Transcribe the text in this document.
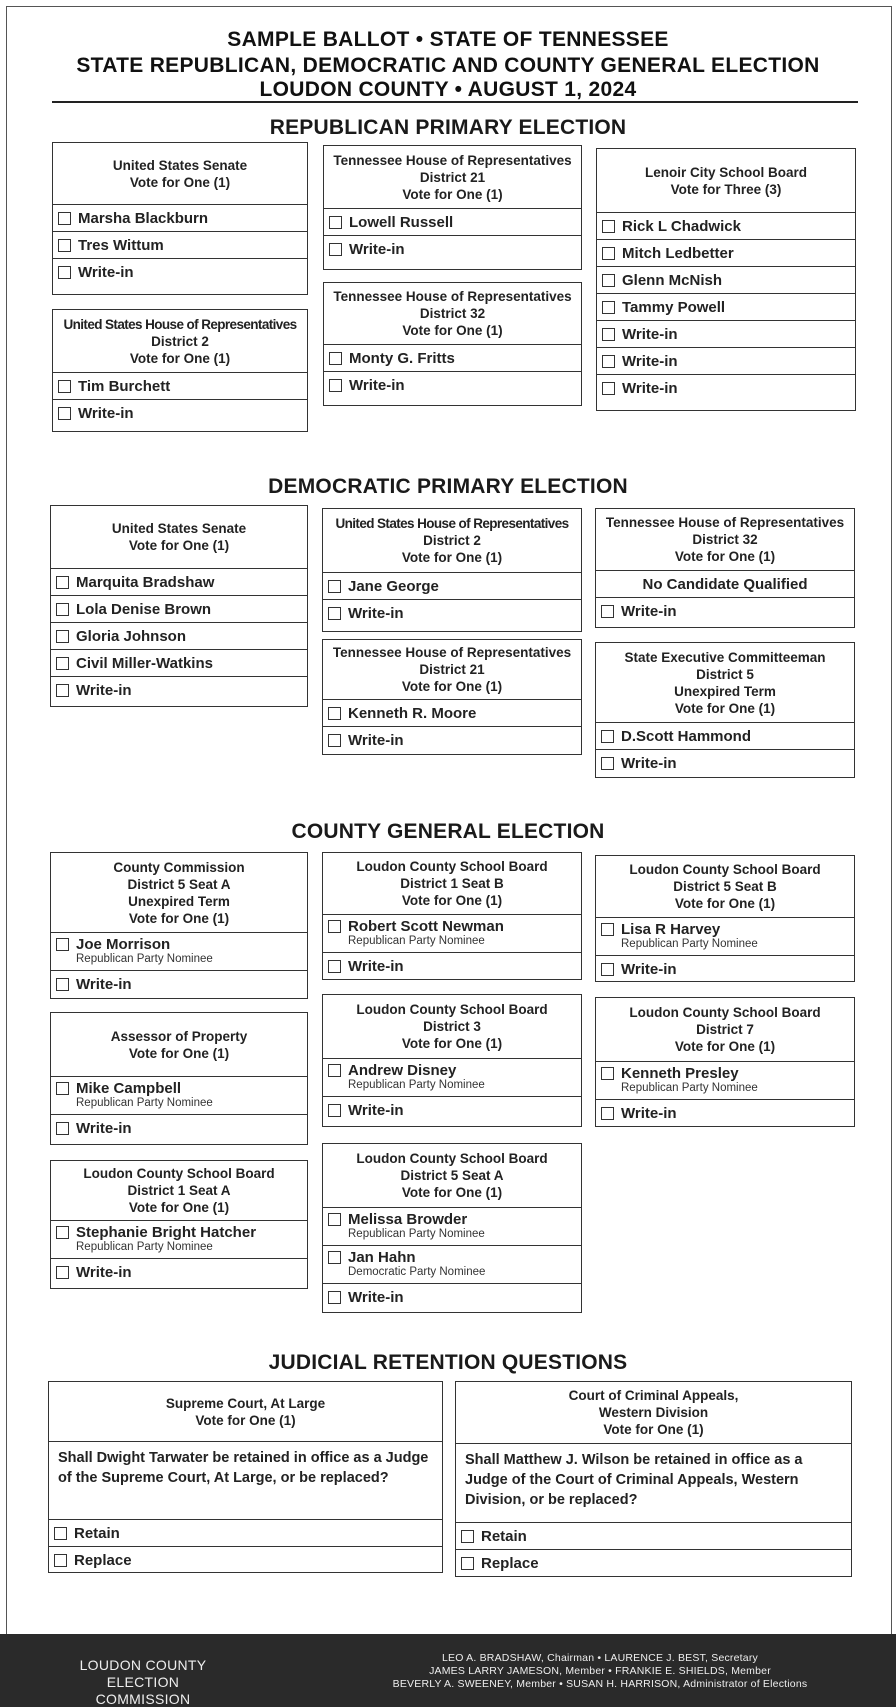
SAMPLE BALLOT • STATE OF TENNESSEE
STATE REPUBLICAN, DEMOCRATIC AND COUNTY GENERAL ELECTION
LOUDON COUNTY • AUGUST 1, 2024
REPUBLICAN PRIMARY ELECTION
United States Senate
Vote for One (1)
Marsha Blackburn
Tres Wittum
Write-in
United States House of Representatives
District 2
Vote for One (1)
Tim Burchett
Write-in
Tennessee House of Representatives
District 21
Vote for One (1)
Lowell Russell
Write-in
Tennessee House of Representatives
District 32
Vote for One (1)
Monty G. Fritts
Write-in
Lenoir City School Board
Vote for Three (3)
Rick L Chadwick
Mitch Ledbetter
Glenn McNish
Tammy Powell
Write-in
Write-in
Write-in
DEMOCRATIC PRIMARY ELECTION
United States Senate
Vote for One (1)
Marquita Bradshaw
Lola Denise Brown
Gloria Johnson
Civil Miller-Watkins
Write-in
United States House of Representatives
District 2
Vote for One (1)
Jane George
Write-in
Tennessee House of Representatives
District 21
Vote for One (1)
Kenneth R. Moore
Write-in
Tennessee House of Representatives
District 32
Vote for One (1)
No Candidate Qualified
Write-in
State Executive Committeeman
District 5
Unexpired Term
Vote for One (1)
D.Scott Hammond
Write-in
COUNTY GENERAL ELECTION
County Commission
District 5 Seat A
Unexpired Term
Vote for One (1)
Joe Morrison
Republican Party Nominee
Write-in
Assessor of Property
Vote for One (1)
Mike Campbell
Republican Party Nominee
Write-in
Loudon County School Board
District 1 Seat A
Vote for One (1)
Stephanie Bright Hatcher
Republican Party Nominee
Write-in
Loudon County School Board
District 1 Seat B
Vote for One (1)
Robert Scott Newman
Republican Party Nominee
Write-in
Loudon County School Board
District 3
Vote for One (1)
Andrew Disney
Republican Party Nominee
Write-in
Loudon County School Board
District 5 Seat A
Vote for One (1)
Melissa Browder
Republican Party Nominee
Jan Hahn
Democratic Party Nominee
Write-in
Loudon County School Board
District 5 Seat B
Vote for One (1)
Lisa R Harvey
Republican Party Nominee
Write-in
Loudon County School Board
District 7
Vote for One (1)
Kenneth Presley
Republican Party Nominee
Write-in
JUDICIAL RETENTION QUESTIONS
Supreme Court, At Large
Vote for One (1)
Shall Dwight Tarwater be retained in office as a Judge of the Supreme Court, At Large, or be replaced?
Retain
Replace
Court of Criminal Appeals,
Western Division
Vote for One (1)
Shall Matthew J. Wilson be retained in office as a Judge of the Court of Criminal Appeals, Western Division, or be replaced?
Retain
Replace
LOUDON COUNTY
ELECTION COMMISSION
LEO A. BRADSHAW, Chairman • LAURENCE J. BEST, Secretary
JAMES LARRY JAMESON, Member • FRANKIE E. SHIELDS, Member
BEVERLY A. SWEENEY, Member • SUSAN H. HARRISON, Administrator of Elections
